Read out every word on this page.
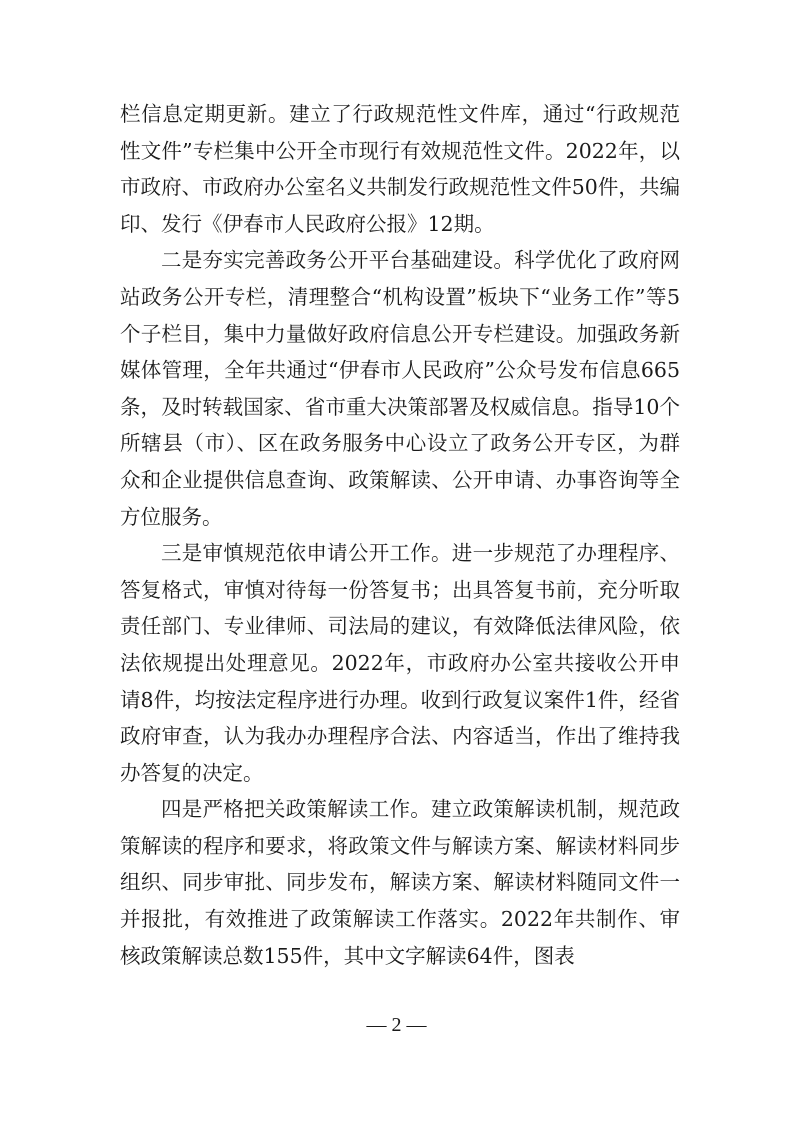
栏信息定期更新。建立了行政规范性文件库，通过“行政规范性文件”专栏集中公开全市现行有效规范性文件。2022年，以市政府、市政府办公室名义共制发行政规范性文件50件，共编印、发行《伊春市人民政府公报》12期。

二是夯实完善政务公开平台基础建设。科学优化了政府网站政务公开专栏，清理整合“机构设置”板块下“业务工作”等5个子栏目，集中力量做好政府信息公开专栏建设。加强政务新媒体管理，全年共通过“伊春市人民政府”公众号发布信息665条，及时转载国家、省市重大决策部署及权威信息。指导10个所辖县（市）、区在政务服务中心设立了政务公开专区，为群众和企业提供信息查询、政策解读、公开申请、办事咨询等全方位服务。

三是审慎规范依申请公开工作。进一步规范了办理程序、答复格式，审慎对待每一份答复书；出具答复书前，充分听取责任部门、专业律师、司法局的建议，有效降低法律风险，依法依规提出处理意见。2022年，市政府办公室共接收公开申请8件，均按法定程序进行办理。收到行政复议案件1件，经省政府审查，认为我办办理程序合法、内容适当，作出了维持我办答复的决定。

四是严格把关政策解读工作。建立政策解读机制，规范政策解读的程序和要求，将政策文件与解读方案、解读材料同步组织、同步审批、同步发布，解读方案、解读材料随同文件一并报批，有效推进了政策解读工作落实。2022年共制作、审核政策解读总数155件，其中文字解读64件，图表

— 2 —
